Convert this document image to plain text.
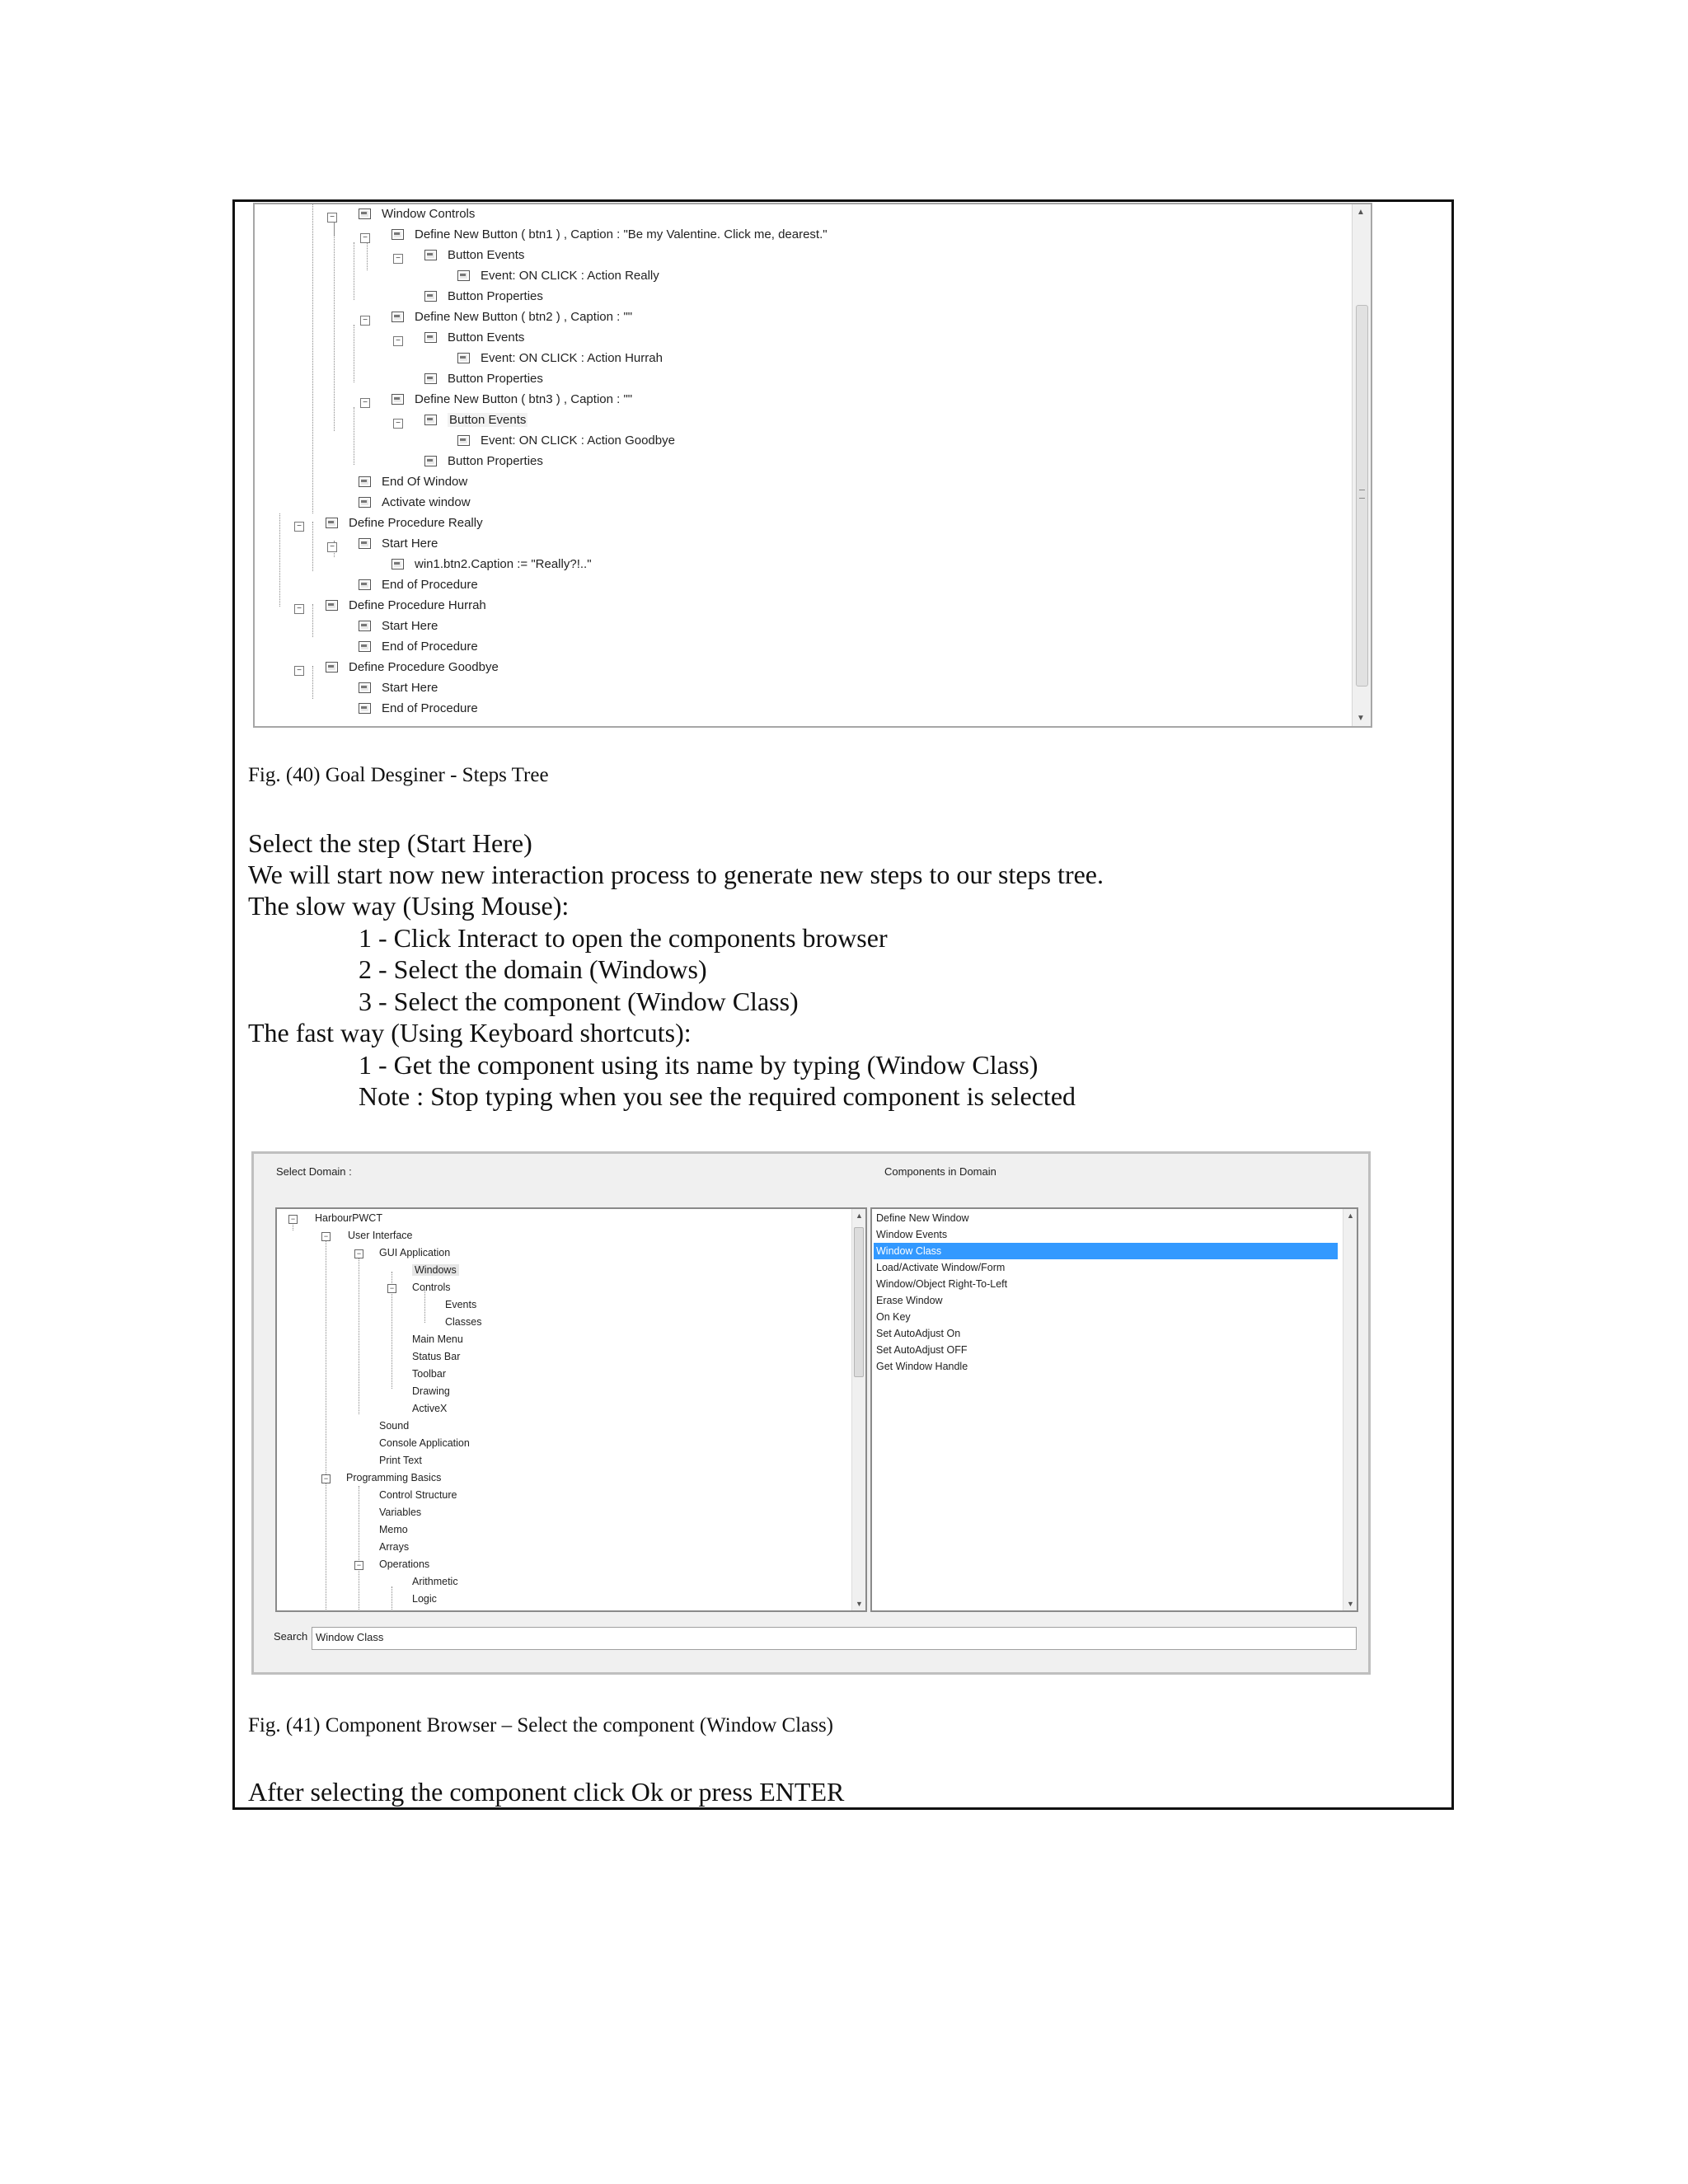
−	Window Controls
−	Define New Button ( btn1 ) , Caption : "Be my Valentine. Click me, dearest."
−	Button Events
Event: ON CLICK : Action Really
Button Properties
−	Define New Button ( btn2 ) , Caption : ""
−	Button Events
Event: ON CLICK : Action Hurrah
Button Properties
−	Define New Button ( btn3 ) , Caption : ""
−	Button Events
Event: ON CLICK : Action Goodbye
Button Properties
End Of Window
Activate window
−	Define Procedure Really
−	Start Here
win1.btn2.Caption := "Really?!.."
End of Procedure
−	Define Procedure Hurrah
Start Here
End of Procedure
−	Define Procedure Goodbye
Start Here
End of Procedure
▲
▼
Fig. (40) Goal Desginer - Steps Tree
Select the step (Start Here)
We will start now new interaction process to generate new steps to our steps tree.
The slow way (Using Mouse):
1 - Click Interact to open the components browser
2 - Select the domain (Windows)
3 - Select the component (Window Class)
The fast way (Using Keyboard shortcuts):
1 - Get the component using its name by typing (Window Class)
Note : Stop typing when you see the required component is selected
Select Domain :	Components in Domain
− HarbourPWCT
− User Interface
− GUI Application
Windows
− Controls
Events
Classes
Main Menu
Status Bar
Toolbar
Drawing
ActiveX
Sound
Console Application
Print Text
− Programming Basics
Control Structure
Variables
Memo
Arrays
− Operations
Arithmetic
Logic
▲
▼
Define New Window
Window Events
Window Class
Load/Activate Window/Form
Window/Object Right-To-Left
Erase Window
On Key
Set AutoAdjust On
Set AutoAdjust OFF
Get Window Handle
▲
▼
Search Window Class
Fig. (41) Component Browser – Select the component (Window Class)
After selecting the component click Ok or press ENTER
